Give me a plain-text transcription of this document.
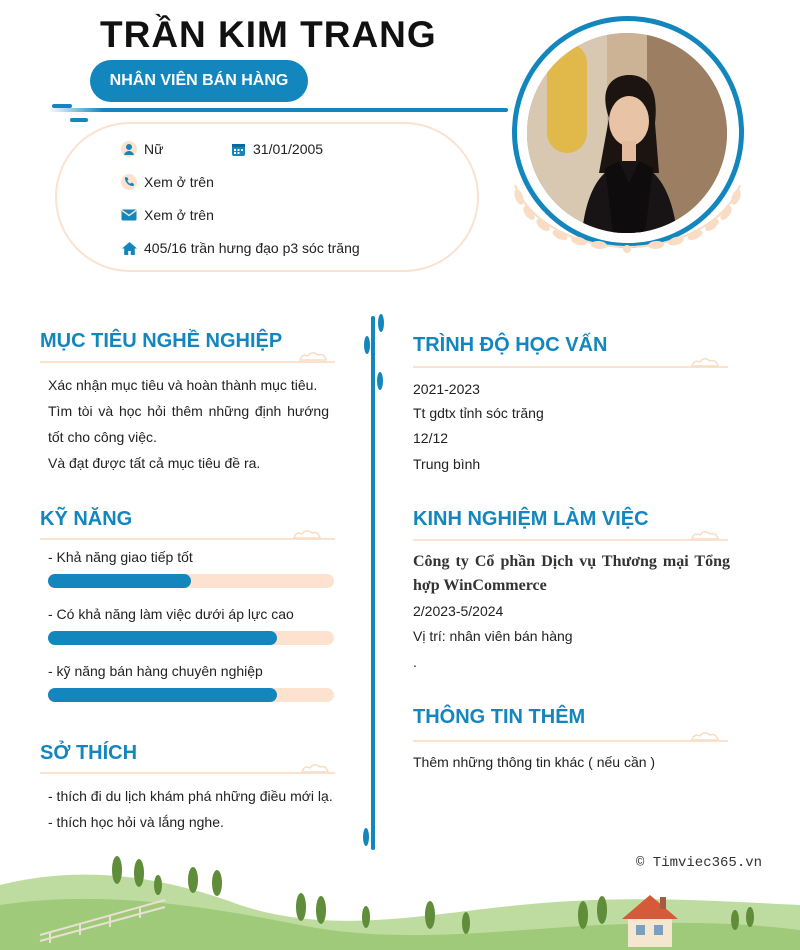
TRẦN KIM TRANG
NHÂN VIÊN BÁN HÀNG
Nữ	31/01/2005
Xem ở trên
Xem ở trên
405/16 trần hưng đạo p3 sóc trăng
MỤC TIÊU NGHỀ NGHIỆP
Xác nhận mục tiêu và hoàn thành mục tiêu.
Tìm tòi và học hỏi thêm những định hướng tốt cho công việc.
Và đạt được tất cả mục tiêu đề ra.
KỸ NĂNG
- Khả năng giao tiếp tốt
- Có khả năng làm việc dưới áp lực cao
- kỹ năng bán hàng chuyên nghiệp
SỞ THÍCH
- thích đi du lịch khám phá những điều mới lạ.
- thích học hỏi và lắng nghe.
TRÌNH ĐỘ HỌC VẤN
2021-2023
Tt gdtx tỉnh sóc trăng
12/12
Trung bình
KINH NGHIỆM LÀM VIỆC
Công ty Cổ phần Dịch vụ Thương mại Tổng hợp WinCommerce
2/2023-5/2024
Vị trí: nhân viên bán hàng
.
THÔNG TIN THÊM
Thêm những thông tin khác ( nếu cần )
© Timviec365.vn
